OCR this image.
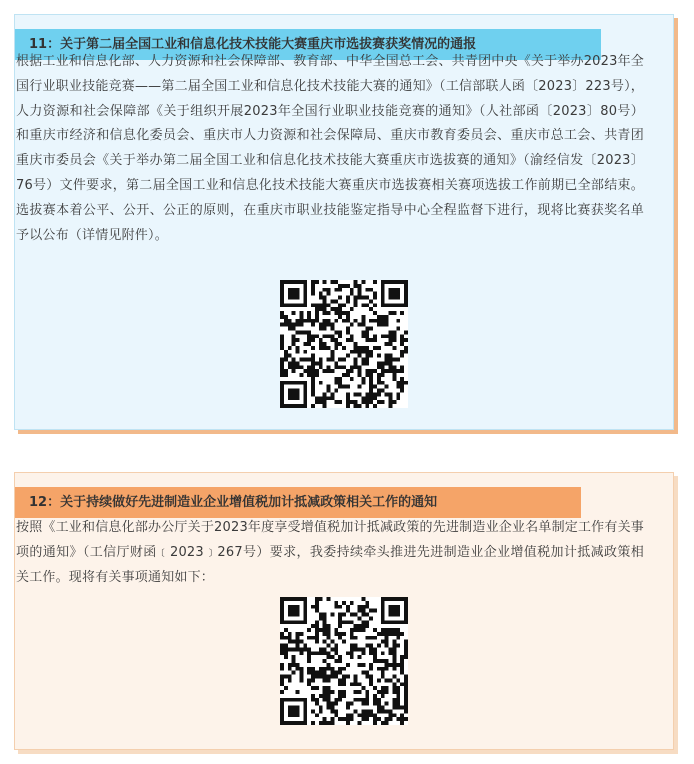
11：关于第二届全国工业和信息化技术技能大赛重庆市选拔赛获奖情况的通报
根据工业和信息化部、人力资源和社会保障部、教育部、中华全国总工会、共青团中央《关于举办2023年全国行业职业技能竞赛——第二届全国工业和信息化技术技能大赛的通知》（工信部联人函〔2023〕223号），人力资源和社会保障部《关于组织开展2023年全国行业职业技能竞赛的通知》（人社部函〔2023〕80号）和重庆市经济和信息化委员会、重庆市人力资源和社会保障局、重庆市教育委员会、重庆市总工会、共青团重庆市委员会《关于举办第二届全国工业和信息化技术技能大赛重庆市选拔赛的通知》（渝经信发〔2023〕76号）文件要求，第二届全国工业和信息化技术技能大赛重庆市选拔赛相关赛项选拔工作前期已全部结束。选拔赛本着公平、公开、公正的原则，在重庆市职业技能鉴定指导中心全程监督下进行，现将比赛获奖名单予以公布（详情见附件）。
12：关于持续做好先进制造业企业增值税加计抵减政策相关工作的通知
按照《工业和信息化部办公厅关于2023年度享受增值税加计抵减政策的先进制造业企业名单制定工作有关事项的通知》（工信厅财函﹝2023﹞267号）要求，我委持续牵头推进先进制造业企业增值税加计抵减政策相关工作。现将有关事项通知如下：
